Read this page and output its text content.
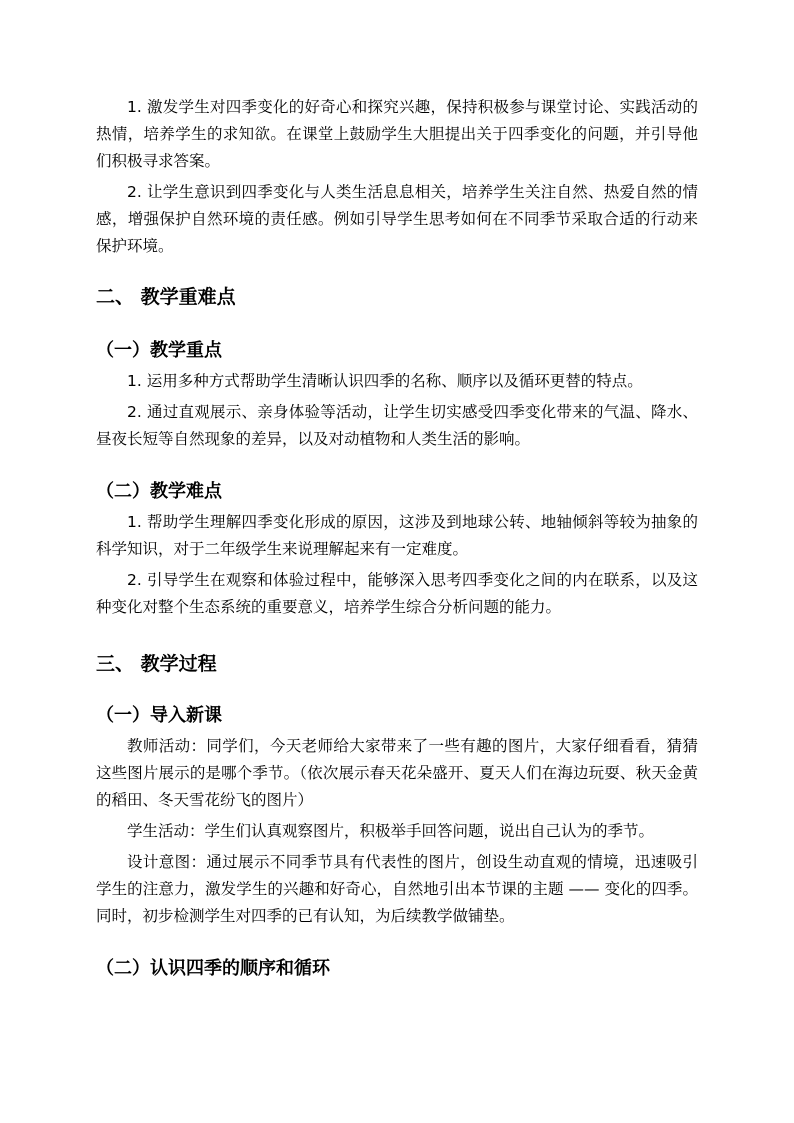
1. 激发学生对四季变化的好奇心和探究兴趣，保持积极参与课堂讨论、实践活动的热情，培养学生的求知欲。在课堂上鼓励学生大胆提出关于四季变化的问题，并引导他们积极寻求答案。

2. 让学生意识到四季变化与人类生活息息相关，培养学生关注自然、热爱自然的情感，增强保护自然环境的责任感。例如引导学生思考如何在不同季节采取合适的行动来保护环境。

二、 教学重难点
（一）教学重点

1. 运用多种方式帮助学生清晰认识四季的名称、顺序以及循环更替的特点。

2. 通过直观展示、亲身体验等活动，让学生切实感受四季变化带来的气温、降水、昼夜长短等自然现象的差异，以及对动植物和人类生活的影响。

（二）教学难点

1. 帮助学生理解四季变化形成的原因，这涉及到地球公转、地轴倾斜等较为抽象的科学知识，对于二年级学生来说理解起来有一定难度。

2. 引导学生在观察和体验过程中，能够深入思考四季变化之间的内在联系，以及这种变化对整个生态系统的重要意义，培养学生综合分析问题的能力。

三、 教学过程
（一）导入新课

教师活动：同学们，今天老师给大家带来了一些有趣的图片，大家仔细看看，猜猜这些图片展示的是哪个季节。（依次展示春天花朵盛开、夏天人们在海边玩耍、秋天金黄的稻田、冬天雪花纷飞的图片）

学生活动：学生们认真观察图片，积极举手回答问题，说出自己认为的季节。

设计意图：通过展示不同季节具有代表性的图片，创设生动直观的情境，迅速吸引学生的注意力，激发学生的兴趣和好奇心，自然地引出本节课的主题 —— 变化的四季。同时，初步检测学生对四季的已有认知，为后续教学做铺垫。

（二）认识四季的顺序和循环
